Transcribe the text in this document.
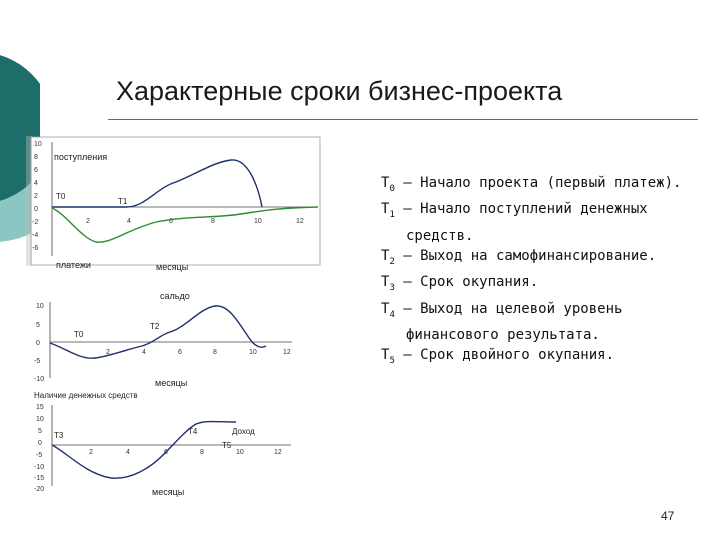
Характерные сроки бизнес-проекта
10
8
6
4
2
0
-2
-4
-6
2	4	6	8	10	12
поступления
T0
T1
платежи	месяцы
сальдо
10
5
0
-5
-10
2	4	6	8	10	12
T0
T2
месяцы
Наличие денежных средств
15
10
5
0
-5
-10
-15
-20
2	4	6	8	10	12
T3	T4
T5
Доход
месяцы
$T_0$ – Начало проекта (первый платеж).
$T_1$ – Начало поступлений денежных средств.
$T_2$ – Выход на самофинансирование.
$T_3$ – Срок окупания.
$T_4$ – Выход на целевой уровень финансового результата.
$T_5$ – Срок двойного окупания.
47
